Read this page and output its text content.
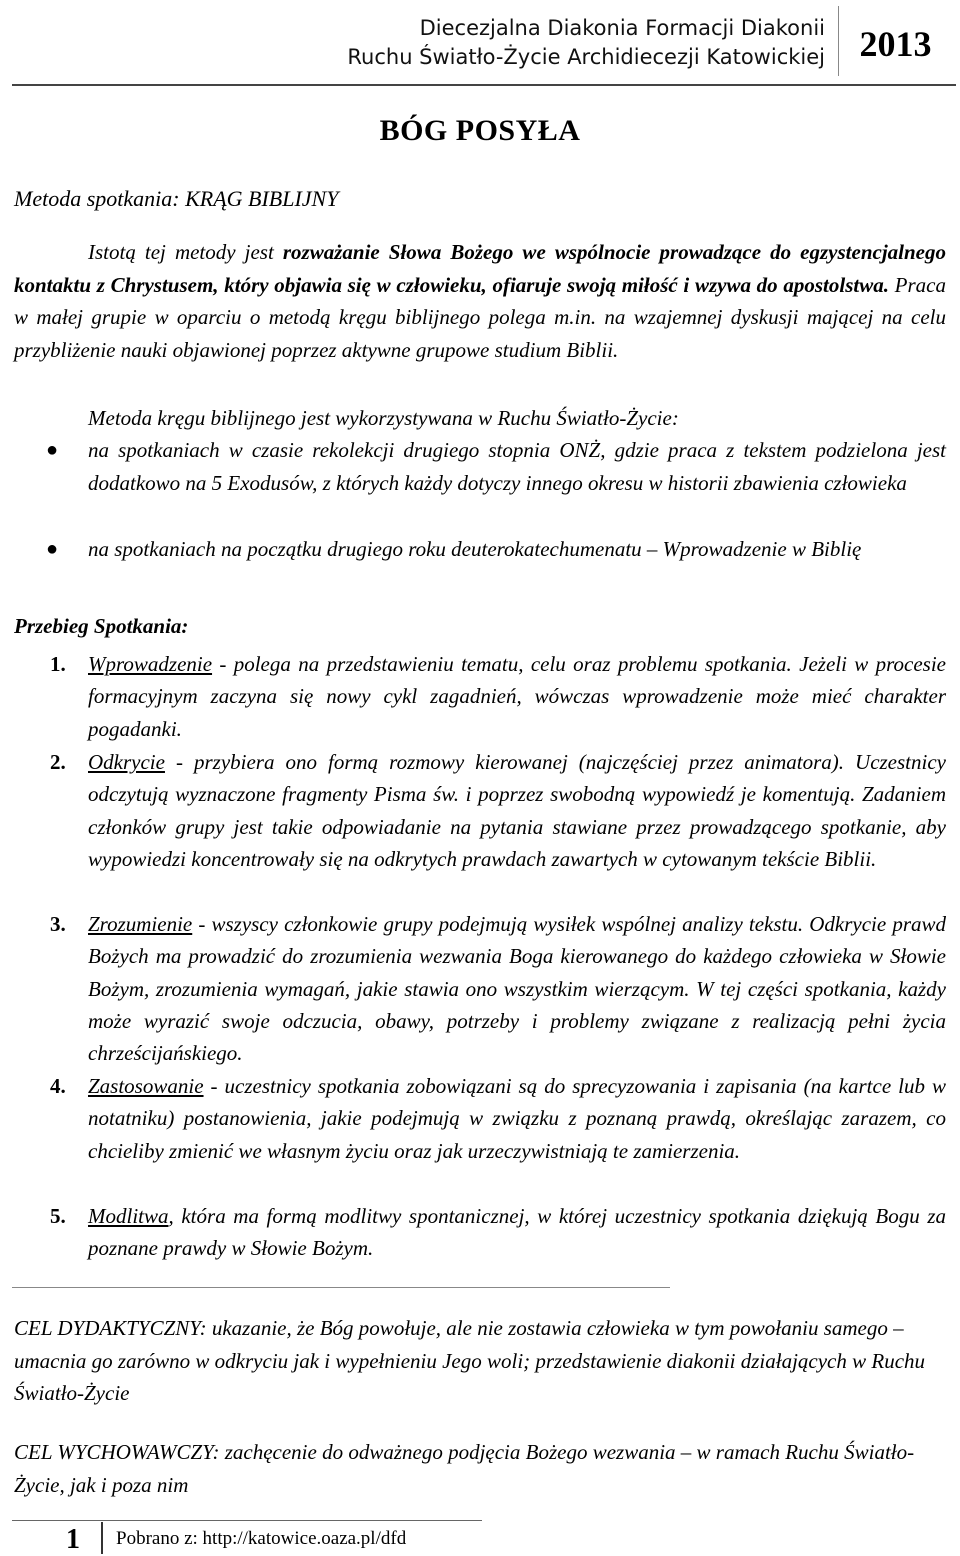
Diecezjalna Diakonia Formacji Diakonii
Ruchu Światło-Życie Archidiecezji Katowickiej 2013
BÓG POSYŁA
Metoda spotkania: KRĄG BIBLIJNY
Istotą tej metody jest rozważanie Słowa Bożego we wspólnocie prowadzące do egzystencjalnego kontaktu z Chrystusem, który objawia się w człowieku, ofiaruje swoją miłość i wzywa do apostolstwa. Praca w małej grupie w oparciu o metodą kręgu biblijnego polega m.in. na wzajemnej dyskusji mającej na celu przybliżenie nauki objawionej poprzez aktywne grupowe studium Biblii.
Metoda kręgu biblijnego jest wykorzystywana w Ruchu Światło-Życie:
● na spotkaniach w czasie rekolekcji drugiego stopnia ONŻ, gdzie praca z tekstem podzielona jest dodatkowo na 5 Exodusów, z których każdy dotyczy innego okresu w historii zbawienia człowieka
● na spotkaniach na początku drugiego roku deuterokatechumenatu – Wprowadzenie w Biblię
Przebieg Spotkania:
1. Wprowadzenie - polega na przedstawieniu tematu, celu oraz problemu spotkania. Jeżeli w procesie formacyjnym zaczyna się nowy cykl zagadnień, wówczas wprowadzenie może mieć charakter pogadanki.
2. Odkrycie - przybiera ono formą rozmowy kierowanej (najczęściej przez animatora). Uczestnicy odczytują wyznaczone fragmenty Pisma św. i poprzez swobodną wypowiedź je komentują. Zadaniem członków grupy jest takie odpowiadanie na pytania stawiane przez prowadzącego spotkanie, aby wypowiedzi koncentrowały się na odkrytych prawdach zawartych w cytowanym tekście Biblii.
3. Zrozumienie - wszyscy członkowie grupy podejmują wysiłek wspólnej analizy tekstu. Odkrycie prawd Bożych ma prowadzić do zrozumienia wezwania Boga kierowanego do każdego człowieka w Słowie Bożym, zrozumienia wymagań, jakie stawia ono wszystkim wierzącym. W tej części spotkania, każdy może wyrazić swoje odczucia, obawy, potrzeby i problemy związane z realizacją pełni życia chrześcijańskiego.
4. Zastosowanie - uczestnicy spotkania zobowiązani są do sprecyzowania i zapisania (na kartce lub w notatniku) postanowienia, jakie podejmują w związku z poznaną prawdą, określając zarazem, co chcieliby zmienić we własnym życiu oraz jak urzeczywistniają te zamierzenia.
5. Modlitwa, która ma formą modlitwy spontanicznej, w której uczestnicy spotkania dziękują Bogu za poznane prawdy w Słowie Bożym.
CEL DYDAKTYCZNY: ukazanie, że Bóg powołuje, ale nie zostawia człowieka w tym powołaniu samego – umacnia go zarówno w odkryciu jak i wypełnieniu Jego woli; przedstawienie diakonii działających w Ruchu Światło-Życie
CEL WYCHOWAWCZY: zachęcenie do odważnego podjęcia Bożego wezwania – w ramach Ruchu Światło-Życie, jak i poza nim
1 Pobrano z: http://katowice.oaza.pl/dfd
